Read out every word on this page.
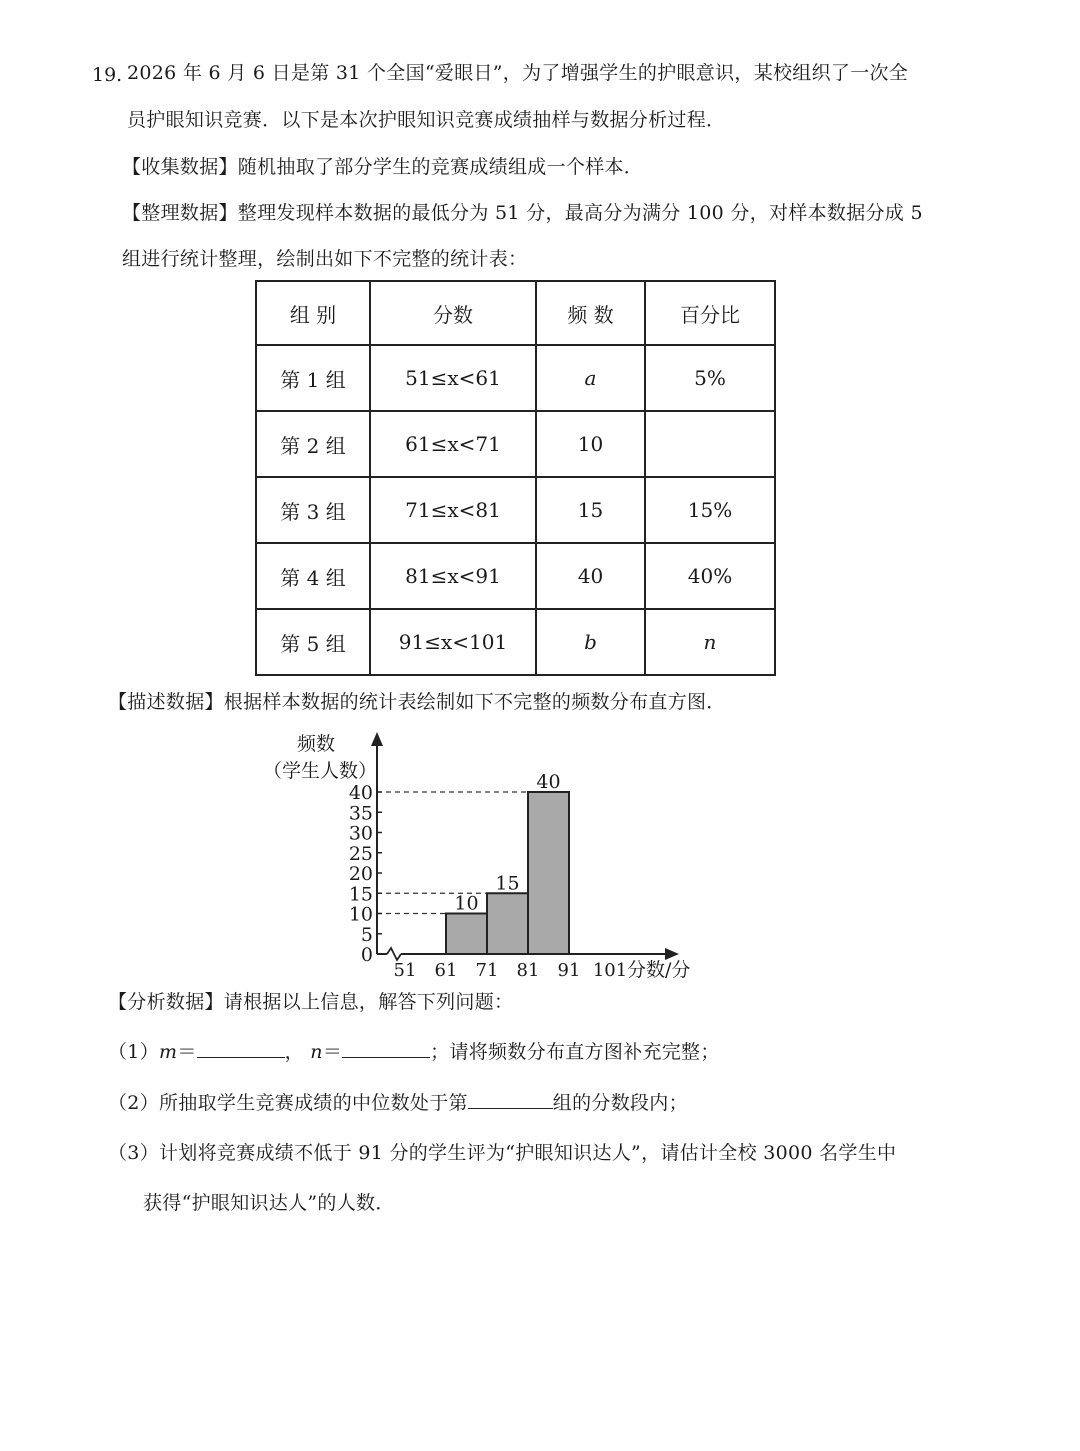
19. 2026 年 6 月 6 日是第 31 个全国“爱眼日”，为了增强学生的护眼意识，某校组织了一次全
员护眼知识竞赛．以下是本次护眼知识竞赛成绩抽样与数据分析过程．
【收集数据】随机抽取了部分学生的竞赛成绩组成一个样本．
【整理数据】整理发现样本数据的最低分为 51 分，最高分为满分 100 分，对样本数据分成 5
组进行统计整理，绘制出如下不完整的统计表：
组 别	分数	频 数	百分比
第 1 组	51≤x<61	a	5%
第 2 组	61≤x<71	10	
第 3 组	71≤x<81	15	15%
第 4 组	81≤x<91	40	40%
第 5 组	91≤x<101	b	n
【描述数据】根据样本数据的统计表绘制如下不完整的频数分布直方图．
10
15
40
0
5
10
15
20
25
30
35
40
51 61 71 81 91 101
频数
（学生人数）
分数/分
【分析数据】请根据以上信息，解答下列问题：
（1）m＝	， n＝	；请将频数分布直方图补充完整；
（2）所抽取学生竞赛成绩的中位数处于第	组的分数段内；
（3）计划将竞赛成绩不低于 91 分的学生评为“护眼知识达人”，请估计全校 3000 名学生中
获得“护眼知识达人”的人数．
